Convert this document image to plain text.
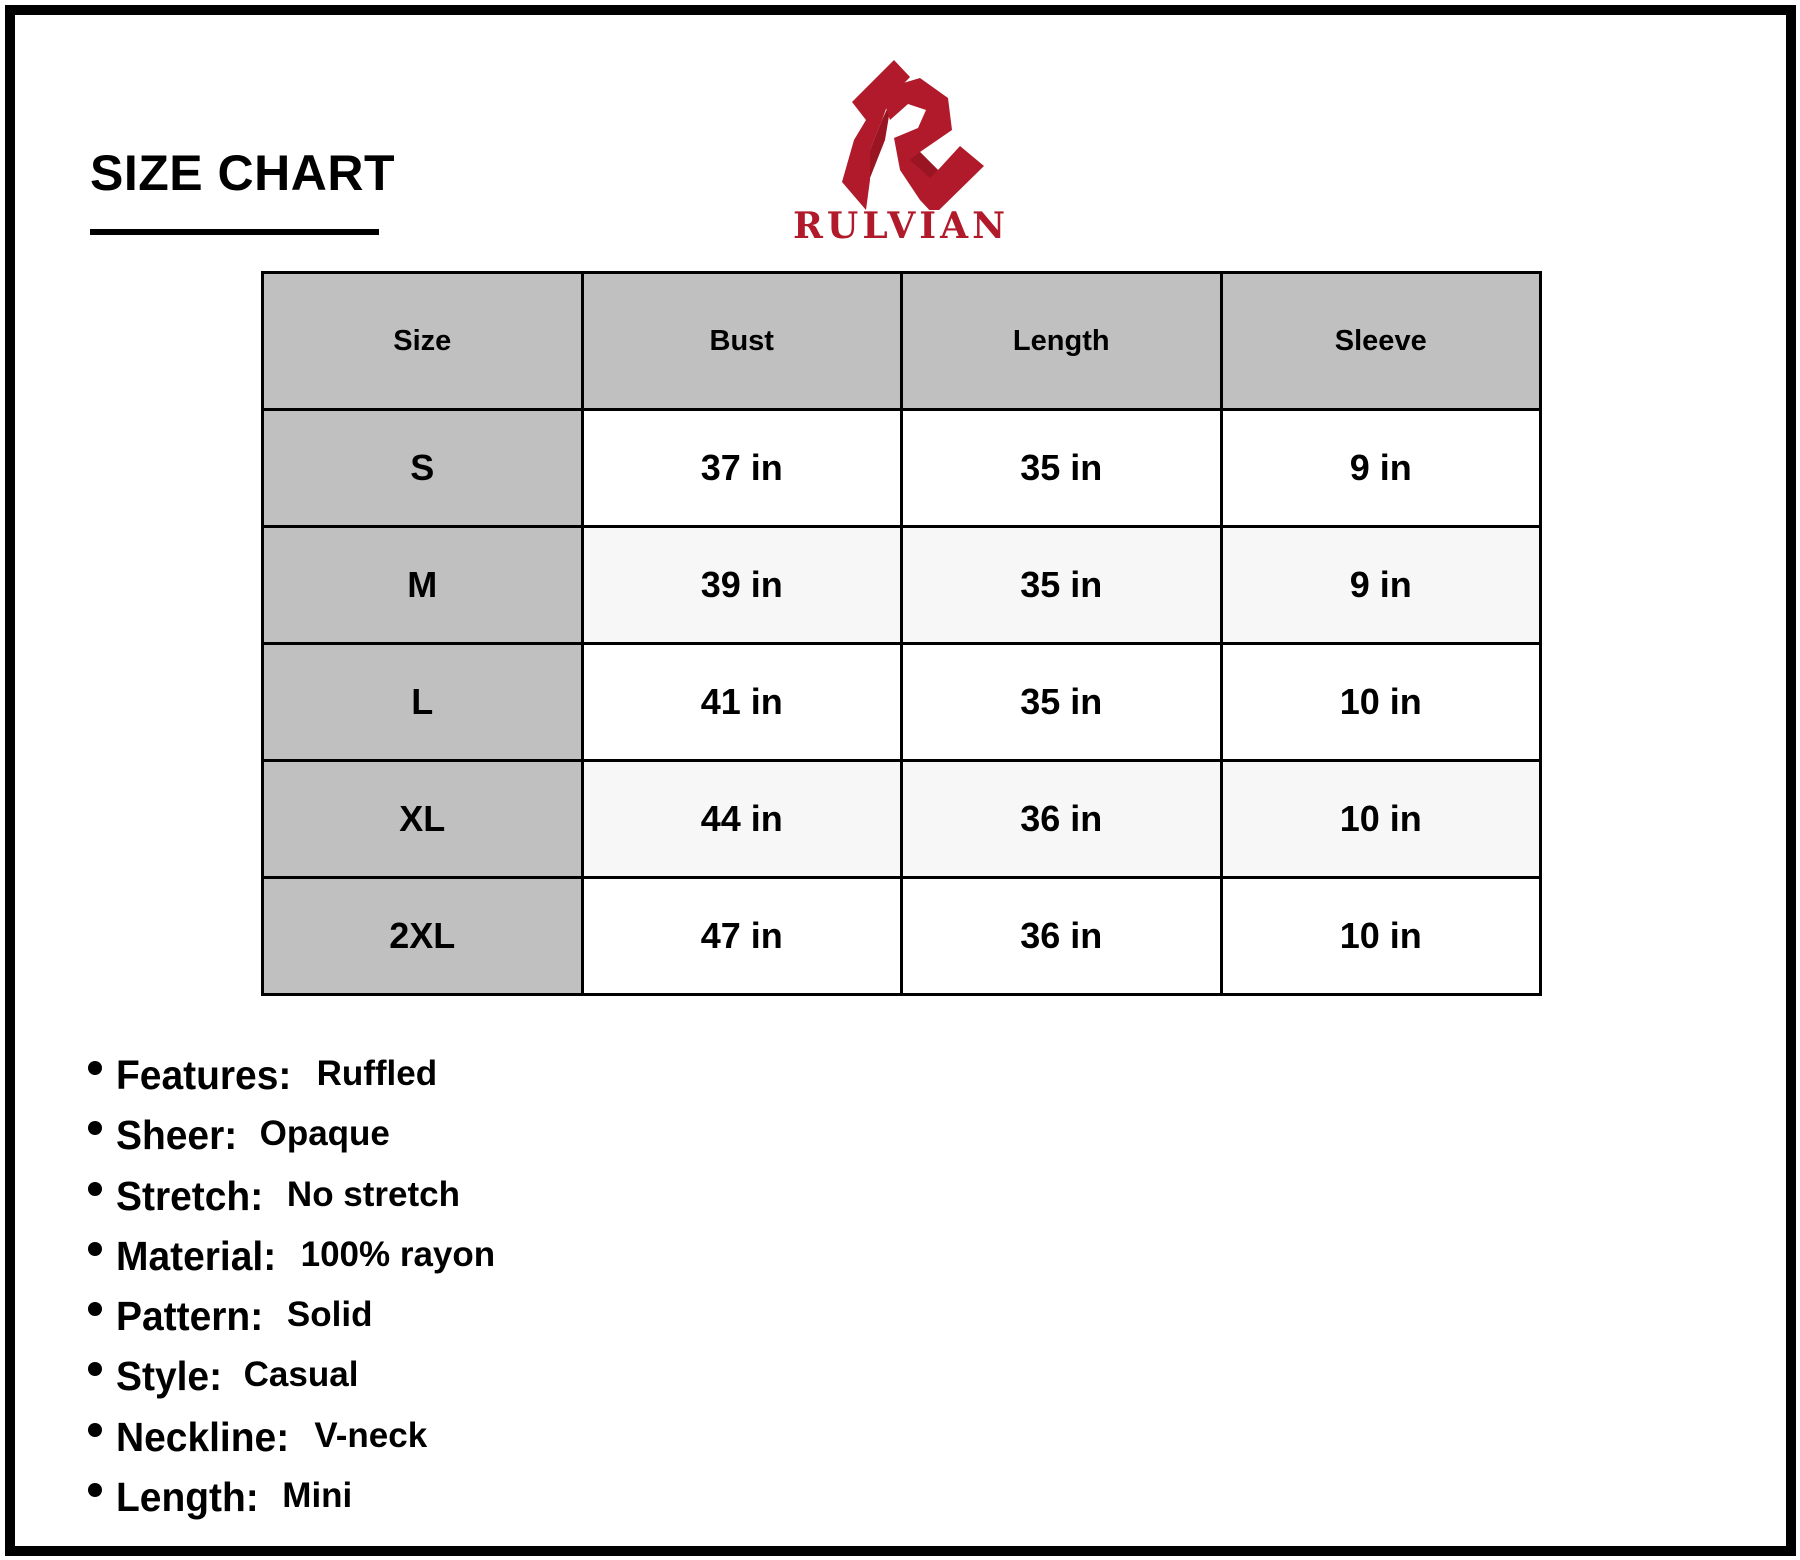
SIZE CHART
RULVIAN
Size	Bust	Length	Sleeve
S	37 in	35 in	9 in
M	39 in	35 in	9 in
L	41 in	35 in	10 in
XL	44 in	36 in	10 in
2XL	47 in	36 in	10 in
Features: Ruffled
Sheer: Opaque
Stretch: No stretch
Material: 100% rayon
Pattern: Solid
Style: Casual
Neckline: V-neck
Length: Mini
